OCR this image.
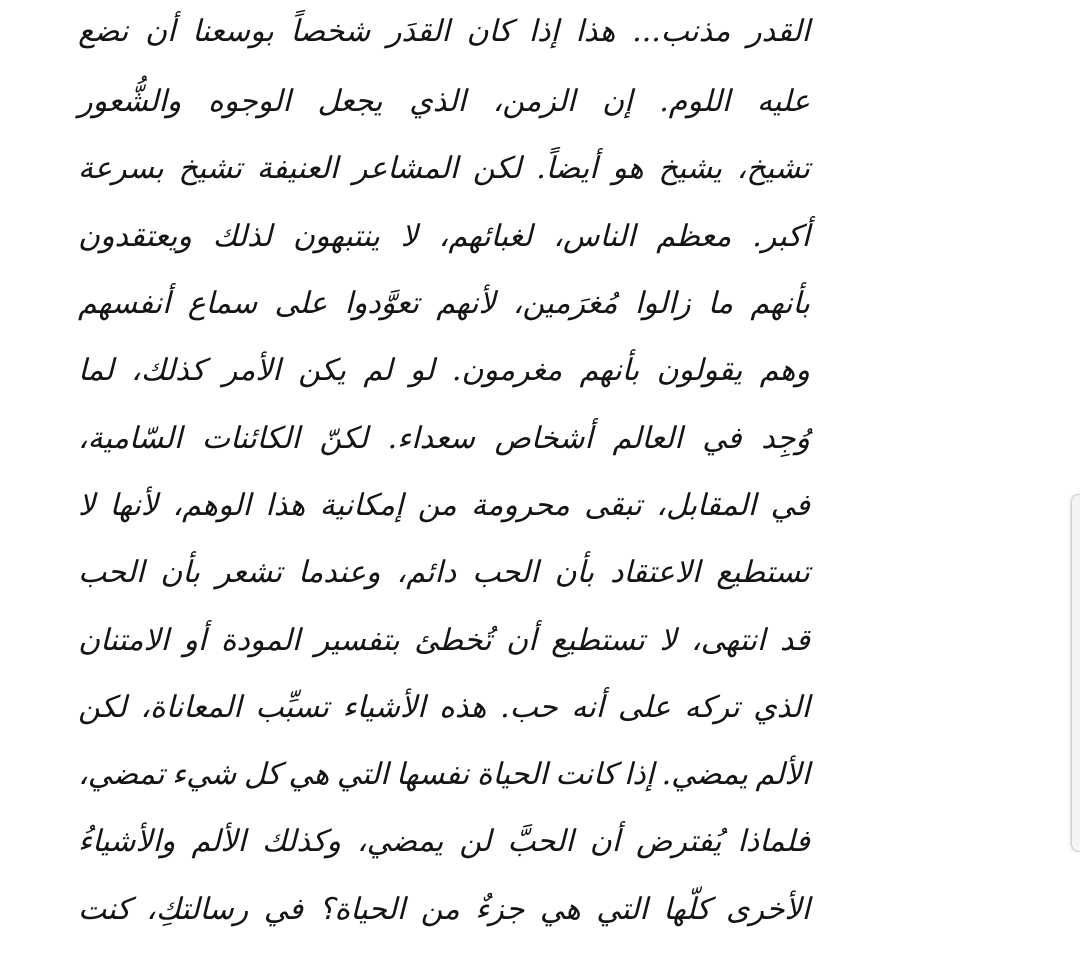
القدر
مذنب...
هذا
إذا
كان
القدَر
شخصاً
بوسعنا
أن
نضع
عليه
اللوم.
إن
الزمن،
الذي
يجعل
الوجوه
والشُّعور
تشيخ،
يشيخ
هو
أيضاً.
لكن
المشاعر
العنيفة
تشيخ
بسرعة
أكبر.
معظم
الناس،
لغبائهم،
لا
ينتبهون
لذلك
ويعتقدون
بأنهم
ما
زالوا
مُغرَمين،
لأنهم
تعوَّدوا
على
سماع
أنفسهم
وهم
يقولون
بأنهم
مغرمون.
لو
لم
يكن
الأمر
كذلك،
لما
وُجِد
في
العالم
أشخاص
سعداء.
لكنّ
الكائنات
السّامية،
في
المقابل،
تبقى
محرومة
من
إمكانية
هذا
الوهم،
لأنها
لا
تستطيع
الاعتقاد
بأن
الحب
دائم،
وعندما
تشعر
بأن
الحب
قد
انتهى،
لا
تستطيع
أن
تُخطئ
بتفسير
المودة
أو
الامتنان
الذي
تركه
على
أنه
حب.
هذه
الأشياء
تسبِّب
المعاناة،
لكن
الألم
يمضي.
إذا
كانت
الحياة
نفسها
التي
هي
كل
شيء
تمضي،
فلماذا
يُفترض
أن
الحبَّ
لن
يمضي،
وكذلك
الألم
والأشياءُ
الأخرى
كلّها
التي
هي
جزءٌ
من
الحياة؟
في
رسالتكِ،
كنت
